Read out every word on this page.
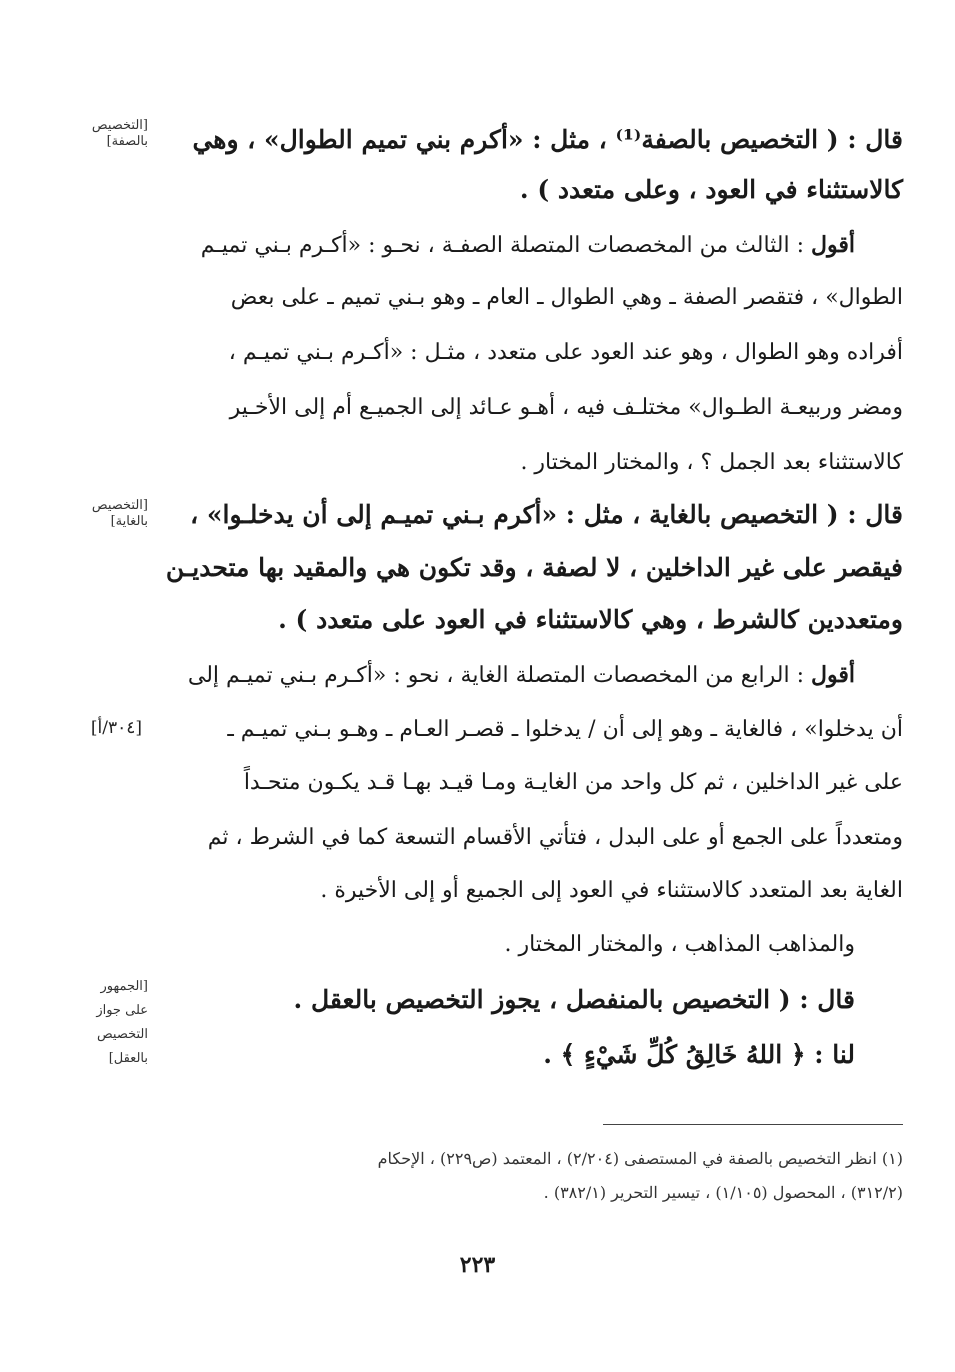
[التخصيص
بالصفة]
[التخصيص
بالغاية]
[الجمهور
على جواز
التخصيص
بالعقل]
[٣٠٤/أ]
قال : ( التخصيص بالصفة⁽¹⁾ ، مثل : «أكرم بني تميم الطوال» ، وهي
كالاستثناء في العود ، وعلى متعدد ) .
أقول : الثالث من المخصصات المتصلة الصفـة ، نحـو : «أكـرم بـني تميـم
الطوال» ، فتقصر الصفة ـ وهي الطوال ـ العام ـ وهو بـني تميم ـ على بعض
أفراده وهو الطوال ، وهو عند العود على متعدد ، مثـل : «أكـرم بـني تميـم ،
ومضر وربيعـة الطـوال» مختلـف فيه ، أهـو عـائد إلى الجميـع أم إلى الأخـير
كالاستثناء بعد الجمل ؟ ، والمختار المختار .
قال : ( التخصيص بالغاية ، مثل : «أكرم بـني تميـم إلى أن يدخلـوا» ،
فيقصر على غير الداخلين ، لا لصفة ، وقد تكون هي والمقيد بها متحديـن
ومتعددين كالشرط ، وهي كالاستثناء في العود على متعدد ) .
أقول : الرابع من المخصصات المتصلة الغاية ، نحو : «أكـرم بـني تميـم إلى
أن يدخلوا» ، فالغاية ـ وهو إلى أن / يدخلوا ـ قصـر العـام ـ وهـو بـني تميـم ـ
على غير الداخلين ، ثم كل واحد من الغايـة ومـا قيـد بهـا قـد يكـون متحـداً
ومتعدداً على الجمع أو على البدل ، فتأتي الأقسام التسعة كما في الشرط ، ثم
الغاية بعد المتعدد كالاستثناء في العود إلى الجميع أو إلى الأخيرة .
والمذاهب المذاهب ، والمختار المختار .
قال : ( التخصيص بالمنفصل ، يجوز التخصيص بالعقل .
لنا : ﴿ اللهُ خَالِقُ كُلِّ شَيْءٍ ﴾ .
(١) انظر التخصيص بالصفة في المستصفى (٢/٢٠٤) ، المعتمد (ص٢٢٩) ، الإحكام
(٣١٢/٢) ، المحصول (١/١٠٥) ، تيسير التحرير (٣٨٢/١) .
٢٢٣
